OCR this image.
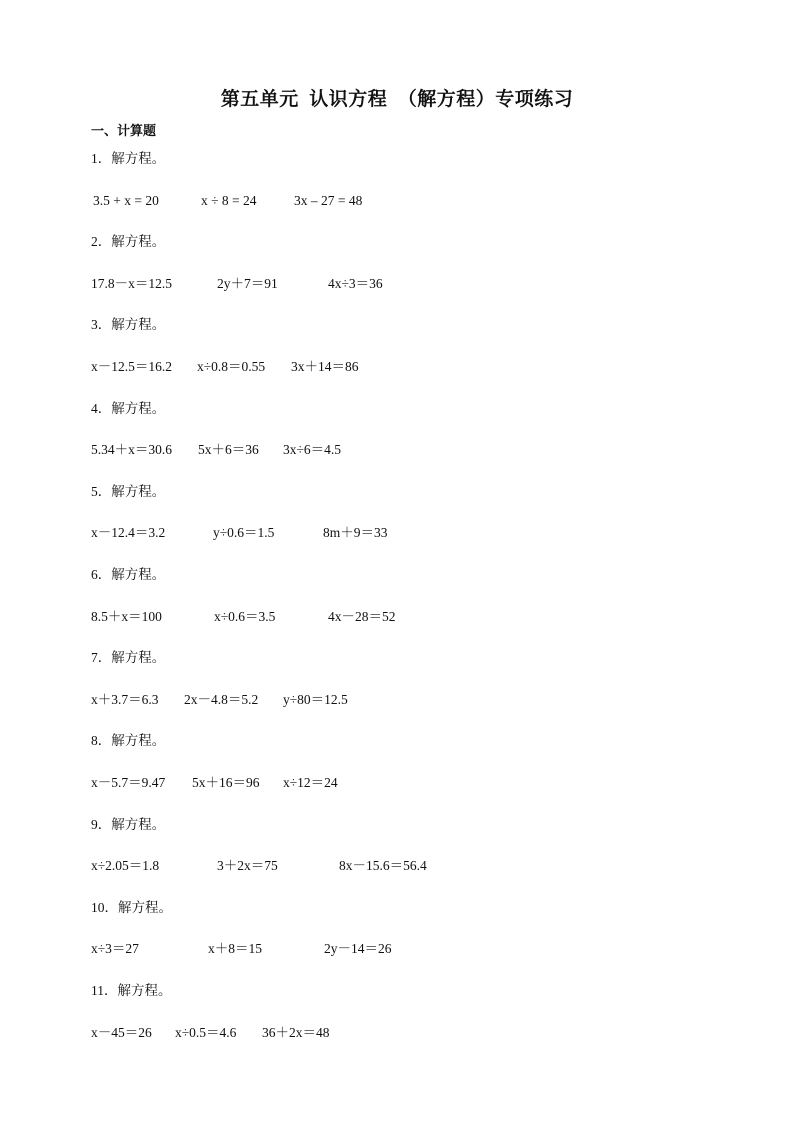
第五单元  认识方程  （解方程）专项练习
一、计算题
1．解方程。
3.5 + x = 20	x ÷ 8 = 24	3x – 27 = 48
2．解方程。
17.8－x＝12.5	2y＋7＝91	4x÷3＝36
3．解方程。
x－12.5＝16.2 x÷0.8＝0.55 3x＋14＝86
4．解方程。
5.34＋x＝30.6 5x＋6＝36 3x÷6＝4.5
5．解方程。
x－12.4＝3.2	y÷0.6＝1.5	8m＋9＝33
6．解方程。
8.5＋x＝100	x÷0.6＝3.5	4x－28＝52
7．解方程。
x＋3.7＝6.3 2x－4.8＝5.2 y÷80＝12.5
8．解方程。
x－5.7＝9.47 5x＋16＝96 x÷12＝24
9．解方程。
x÷2.05＝1.8	3＋2x＝75	8x－15.6＝56.4
10．解方程。
x÷3＝27	x＋8＝15	2y－14＝26
11．解方程。
x－45＝26 x÷0.5＝4.6 36＋2x＝48
